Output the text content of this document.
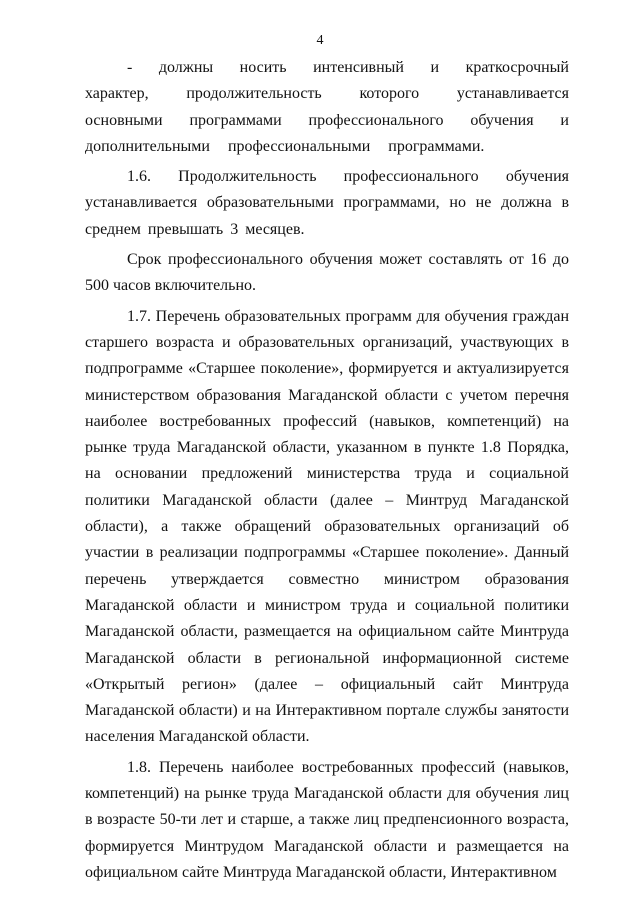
4

- должны носить интенсивный и краткосрочный характер, продолжительность которого устанавливается основными программами профессионального обучения и дополнительными профессиональными программами.

1.6. Продолжительность профессионального обучения устанавливается образовательными программами, но не должна в среднем превышать 3 месяцев.

Срок профессионального обучения может составлять от 16 до 500 часов включительно.

1.7. Перечень образовательных программ для обучения граждан старшего возраста и образовательных организаций, участвующих в подпрограмме «Старшее поколение», формируется и актуализируется министерством образования Магаданской области с учетом перечня наиболее востребованных профессий (навыков, компетенций) на рынке труда Магаданской области, указанном в пункте 1.8 Порядка, на основании предложений министерства труда и социальной политики Магаданской области (далее – Минтруд Магаданской области), а также обращений образовательных организаций об участии в реализации подпрограммы «Старшее поколение». Данный перечень утверждается совместно министром образования Магаданской области и министром труда и социальной политики Магаданской области, размещается на официальном сайте Минтруда Магаданской области в региональной информационной системе «Открытый регион» (далее – официальный сайт Минтруда Магаданской области) и на Интерактивном портале службы занятости населения Магаданской области.

1.8. Перечень наиболее востребованных профессий (навыков, компетенций) на рынке труда Магаданской области для обучения лиц в возрасте 50-ти лет и старше, а также лиц предпенсионного возраста, формируется Минтрудом Магаданской области и размещается на официальном сайте Минтруда Магаданской области, Интерактивном
